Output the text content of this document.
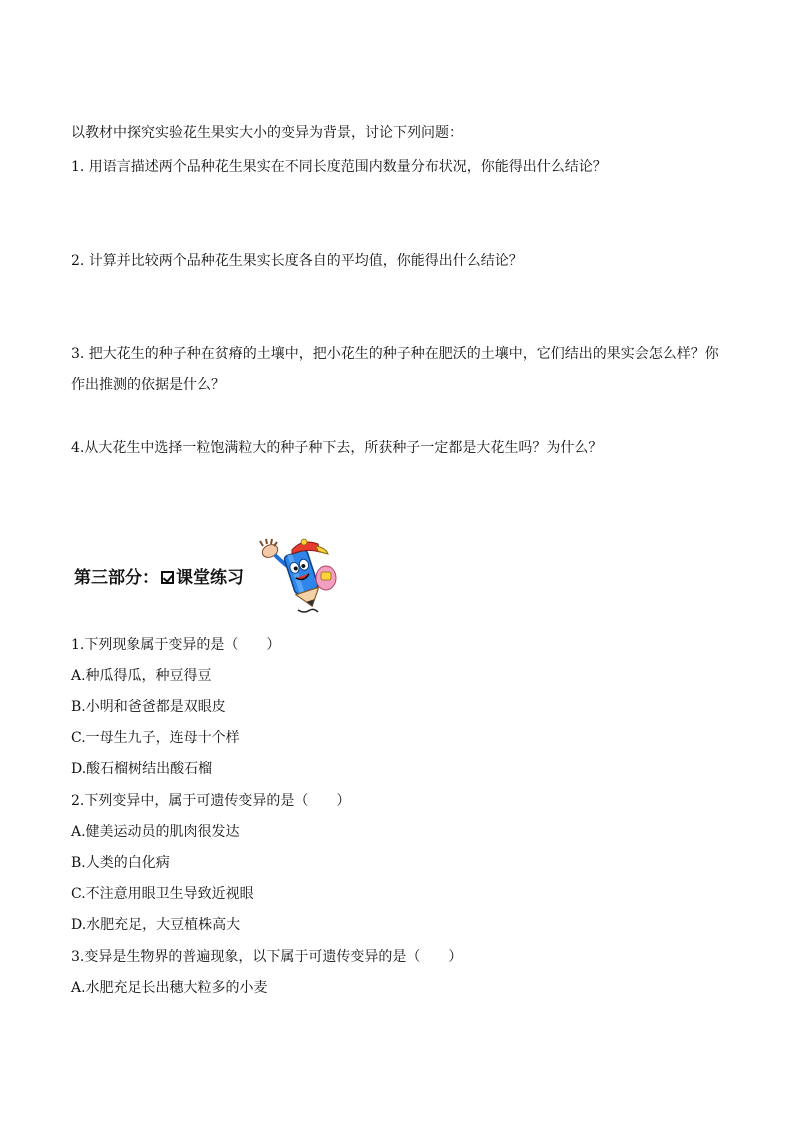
以教材中探究实验花生果实大小的变异为背景，讨论下列问题：

1. 用语言描述两个品种花生果实在不同长度范围内数量分布状况，你能得出什么结论？

2. 计算并比较两个品种花生果实长度各自的平均值，你能得出什么结论？

3. 把大花生的种子种在贫瘠的土壤中，把小花生的种子种在肥沃的土壤中，它们结出的果实会怎么样？你

作出推测的依据是什么？

4.从大花生中选择一粒饱满粒大的种子种下去，所获种子一定都是大花生吗？为什么？

第三部分： 课堂练习

1.下列现象属于变异的是（　　）

A.种瓜得瓜，种豆得豆

B.小明和爸爸都是双眼皮

C.一母生九子，连母十个样

D.酸石榴树结出酸石榴

2.下列变异中，属于可遗传变异的是（　　）

A.健美运动员的肌肉很发达

B.人类的白化病

C.不注意用眼卫生导致近视眼

D.水肥充足，大豆植株高大

3.变异是生物界的普遍现象，以下属于可遗传变异的是（　　）

A.水肥充足长出穗大粒多的小麦
